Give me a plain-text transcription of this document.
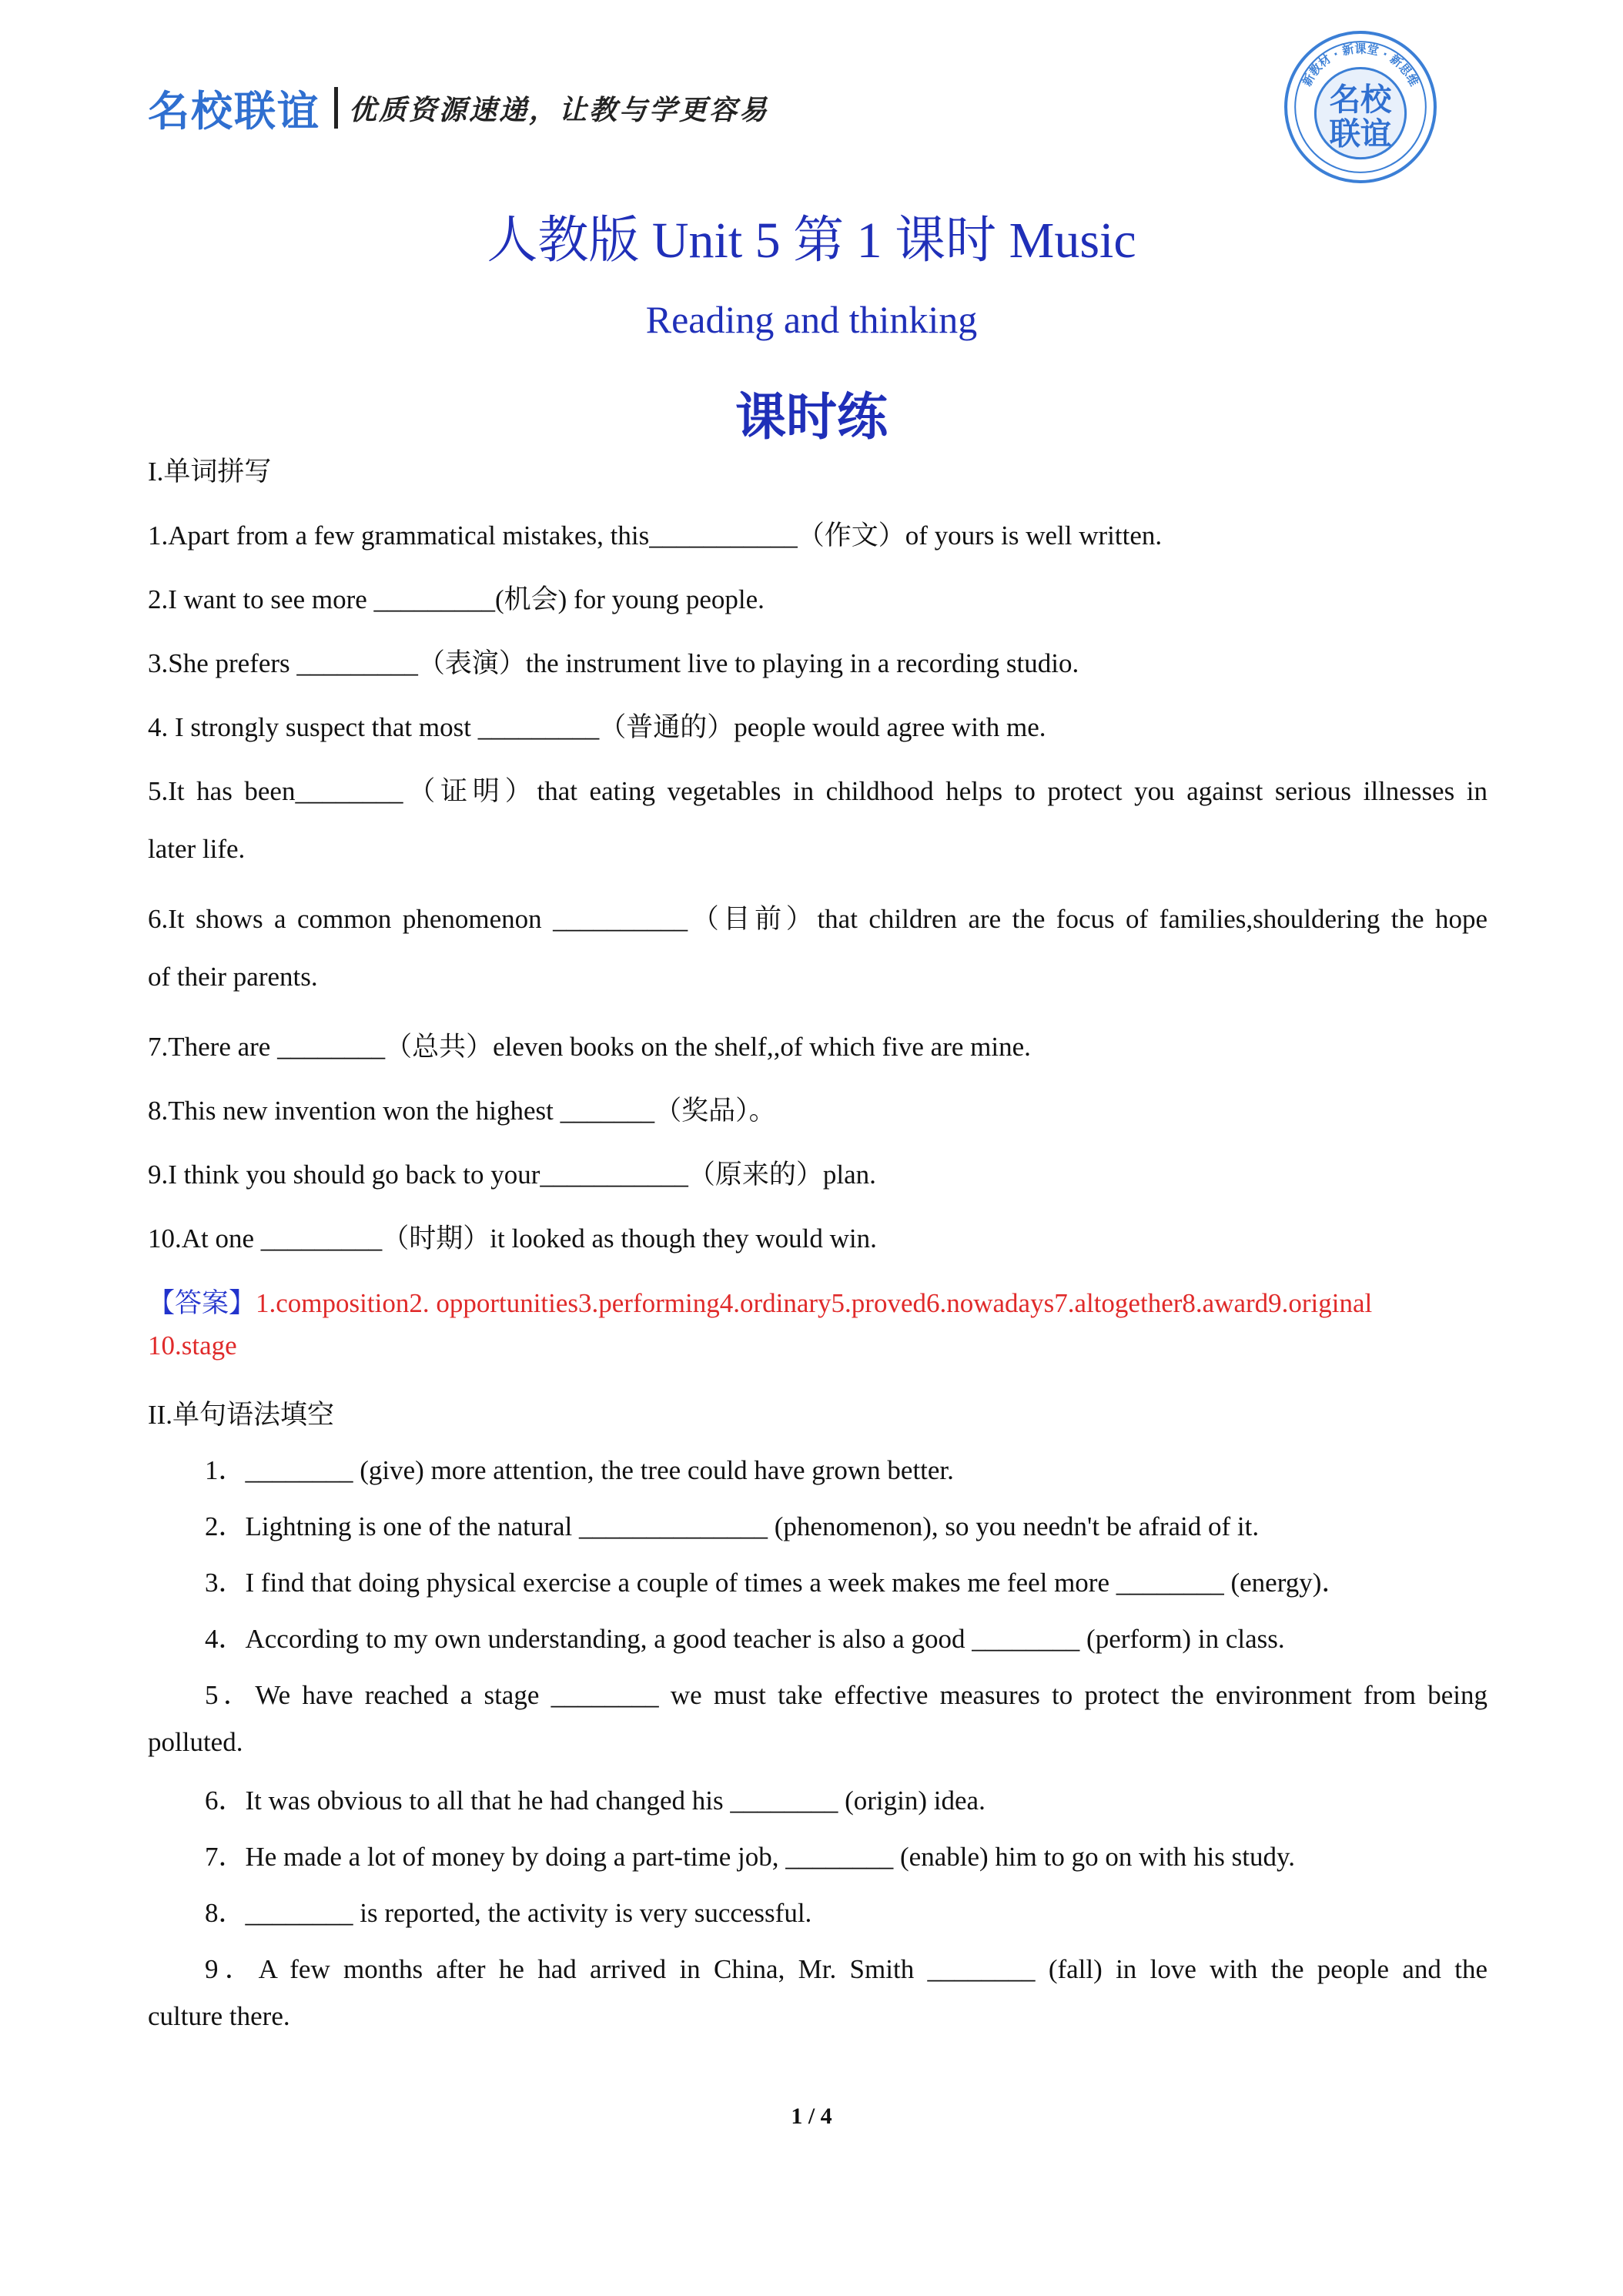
名校联谊 优质资源速递，让教与学更容易
新教材 · 新课堂 · 新思维
名校
联谊
人教版 Unit 5 第 1 课时 Music
Reading and thinking
课时练
I.单词拼写
1.Apart from a few grammatical mistakes, this___________（作文）of yours is well written.
2.I want to see more _________(机会) for young people.
3.She prefers _________（表演）the instrument live to playing in a recording studio.
4. I strongly suspect that most _________（普通的）people would agree with me.
5.It has been________（证明）that eating vegetables in childhood helps to protect you against serious illnesses in
later life.
6.It shows a common phenomenon __________（目前）that children are the focus of families,shouldering the hope
of their parents.
7.There are ________（总共）eleven books on the shelf,,of which five are mine.
8.This new invention won the highest _______（奖品）。
9.I think you should go back to your___________（原来的）plan.
10.At one _________（时期）it looked as though they would win.
【答案】1.composition2. opportunities3.performing4.ordinary5.proved6.nowadays7.altogether8.award9.original
10.stage
II.单句语法填空
1．________ (give) more attention, the tree could have grown better.
2．Lightning is one of the natural ______________ (phenomenon), so you needn't be afraid of it.
3．I find that doing physical exercise a couple of times a week makes me feel more ________ (energy)．
4．According to my own understanding, a good teacher is also a good ________ (perform) in class.
5．We have reached a stage ________ we must take effective measures to protect the environment from being
polluted.
6．It was obvious to all that he had changed his ________ (origin) idea.
7．He made a lot of money by doing a part-time job, ________ (enable) him to go on with his study.
8．________ is reported, the activity is very successful.
9．A few months after he had arrived in China, Mr. Smith ________ (fall) in love with the people and the
culture there.
1 / 4
